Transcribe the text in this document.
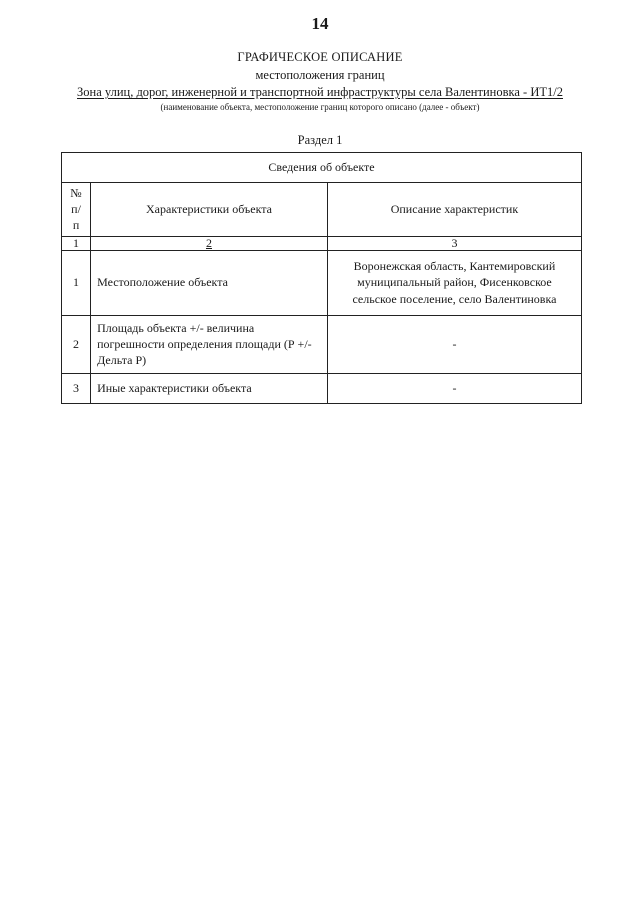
14
ГРАФИЧЕСКОЕ ОПИСАНИЕ
местоположения границ
Зона улиц, дорог, инженерной и транспортной инфраструктуры села Валентиновка - ИТ1/2
(наименование объекта, местоположение границ которого описано (далее - объект)
Раздел 1
Сведения об объекте		
№ п/п	Характеристики объекта	Описание характеристик
1	2	3
1	Местоположение объекта	Воронежская область, Кантемировский муниципальный район, Фисенковское сельское поселение, село Валентиновка
2	Площадь объекта +/- величина погрешности определения площади (Р +/- Дельта Р)	-
3	Иные характеристики объекта	-
